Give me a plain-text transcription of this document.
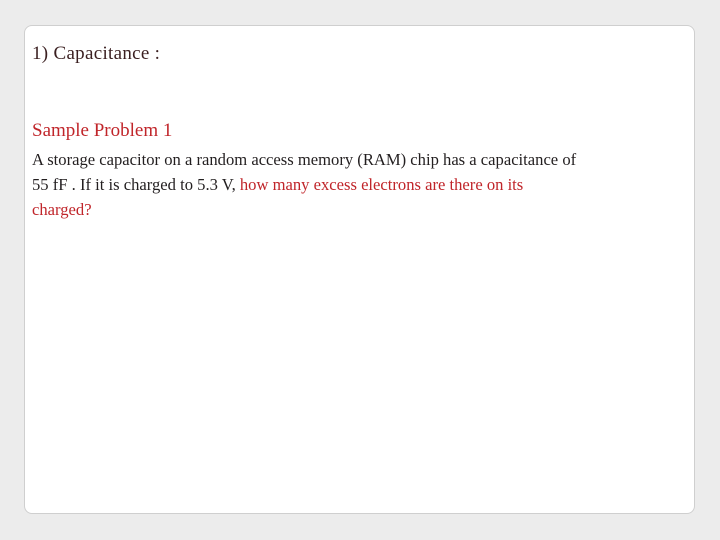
1) Capacitance :
Sample Problem 1

A storage capacitor on a random access memory (RAM) chip has a capacitance of
55 fF . If it is charged to 5.3 V, how many excess electrons are there on its
charged?
